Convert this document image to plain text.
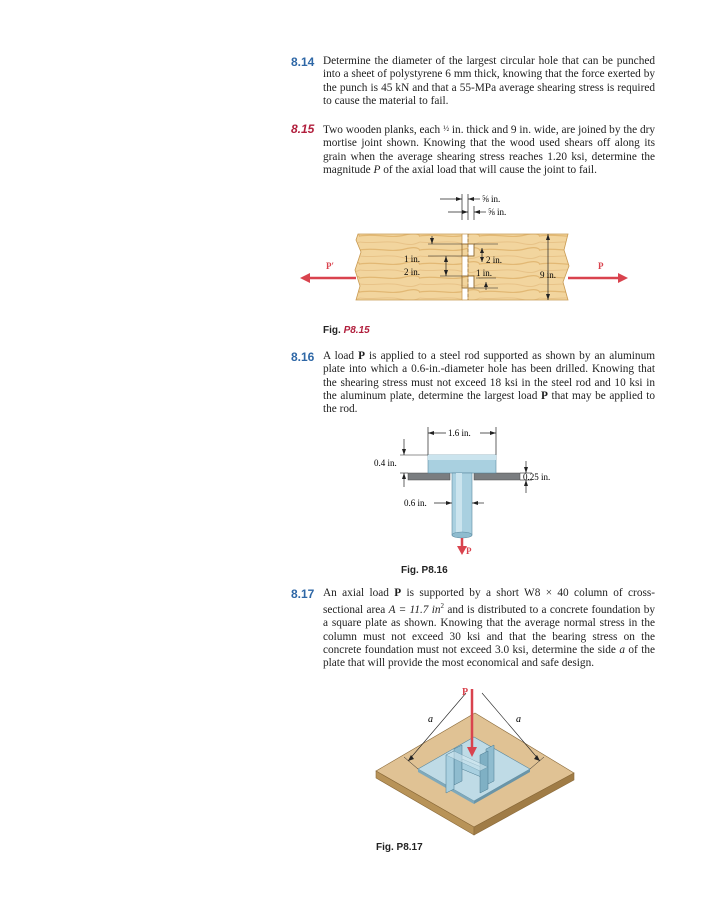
8.14 Determine the diameter of the largest circular hole that can be punched into a sheet of polystyrene 6 mm thick, knowing that the force exerted by the punch is 45 kN and that a 55-MPa average shearing stress is required to cause the material to fail.
8.15 Two wooden planks, each ½ in. thick and 9 in. wide, are joined by the dry mortise joint shown. Knowing that the wood used shears off along its grain when the average shearing stress reaches 1.20 ksi, determine the magnitude P of the axial load that will cause the joint to fail.
⅝ in.
⅝ in.
1 in.
2 in.
2 in.
1 in.	9 in.
P′	P
Fig. P8.15
8.16 A load P is applied to a steel rod supported as shown by an aluminum plate into which a 0.6-in.-diameter hole has been drilled. Knowing that the shearing stress must not exceed 18 ksi in the steel rod and 10 ksi in the aluminum plate, determine the largest load P that may be applied to the rod.
1.6 in.
0.4 in.
0.25 in.
0.6 in.
P
Fig. P8.16
8.17 An axial load P is supported by a short W8 × 40 column of cross-sectional area A = 11.7 $in^2$ and is distributed to a concrete foundation by a square plate as shown. Knowing that the average normal stress in the column must not exceed 30 ksi and that the bearing stress on the concrete foundation must not exceed 3.0 ksi, determine the side a of the plate that will provide the most economical and safe design.
a	a
P
Fig. P8.17
